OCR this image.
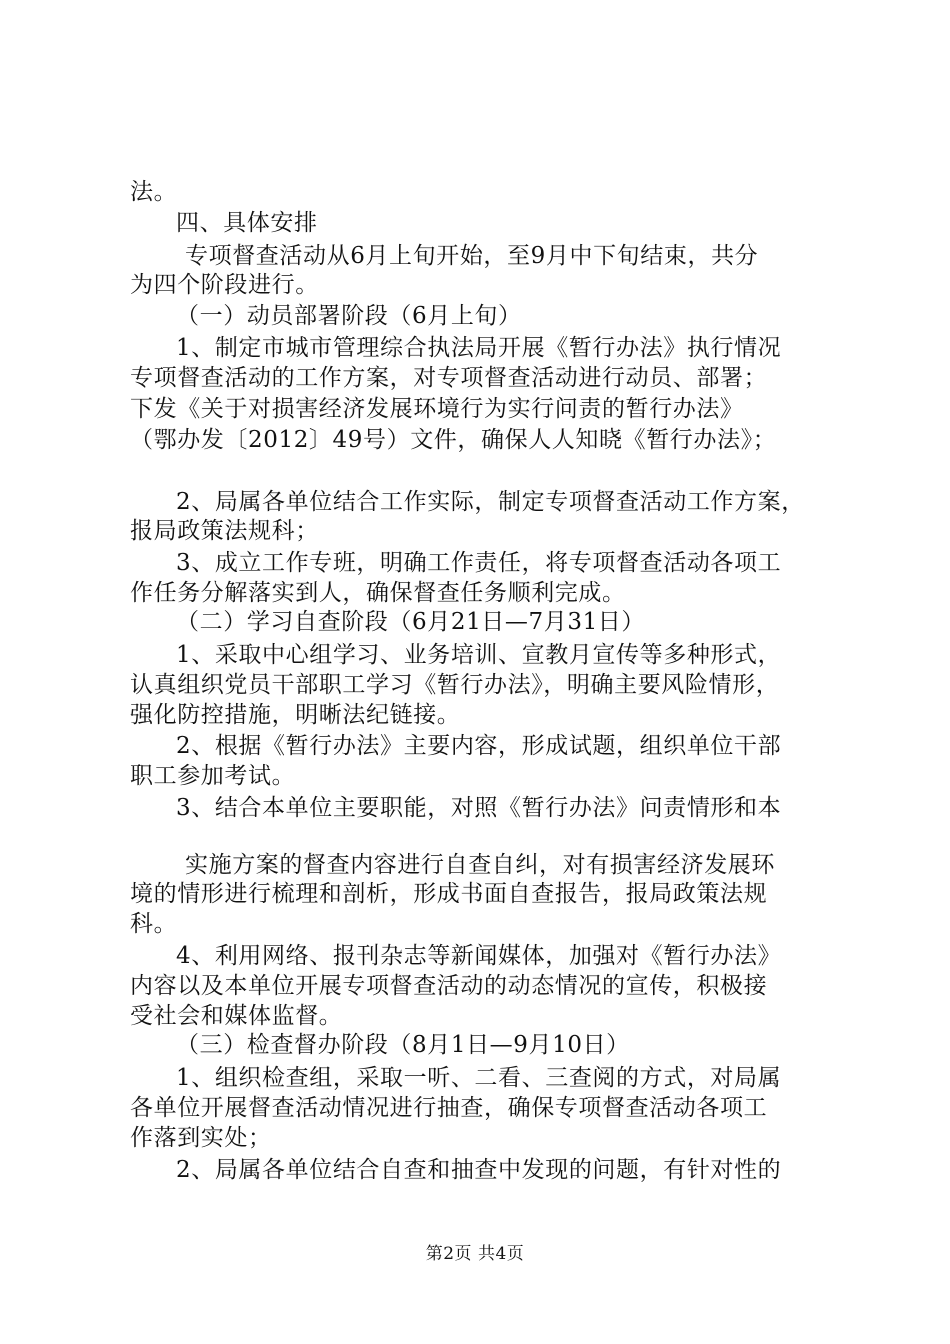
法。
四、具体安排
专项督查活动从6月上旬开始，至9月中下旬结束，共分
为四个阶段进行。
（一）动员部署阶段（6月上旬）
1、制定市城市管理综合执法局开展《暂行办法》执行情况
专项督查活动的工作方案，对专项督查活动进行动员、部署；
下发《关于对损害经济发展环境行为实行问责的暂行办法》
（鄂办发〔2012〕49号）文件，确保人人知晓《暂行办法》；
2、局属各单位结合工作实际，制定专项督查活动工作方案，
报局政策法规科；
3、成立工作专班，明确工作责任，将专项督查活动各项工
作任务分解落实到人，确保督查任务顺利完成。
（二）学习自查阶段（6月21日—7月31日）
1、采取中心组学习、业务培训、宣教月宣传等多种形式，
认真组织党员干部职工学习《暂行办法》，明确主要风险情形，
强化防控措施，明晰法纪链接。
2、根据《暂行办法》主要内容，形成试题，组织单位干部
职工参加考试。
3、结合本单位主要职能，对照《暂行办法》问责情形和本
实施方案的督查内容进行自查自纠，对有损害经济发展环
境的情形进行梳理和剖析，形成书面自查报告，报局政策法规
科。
4、利用网络、报刊杂志等新闻媒体，加强对《暂行办法》
内容以及本单位开展专项督查活动的动态情况的宣传，积极接
受社会和媒体监督。
（三）检查督办阶段（8月1日—9月10日）
1、组织检查组，采取一听、二看、三查阅的方式，对局属
各单位开展督查活动情况进行抽查，确保专项督查活动各项工
作落到实处；
2、局属各单位结合自查和抽查中发现的问题，有针对性的
第2页 共4页
